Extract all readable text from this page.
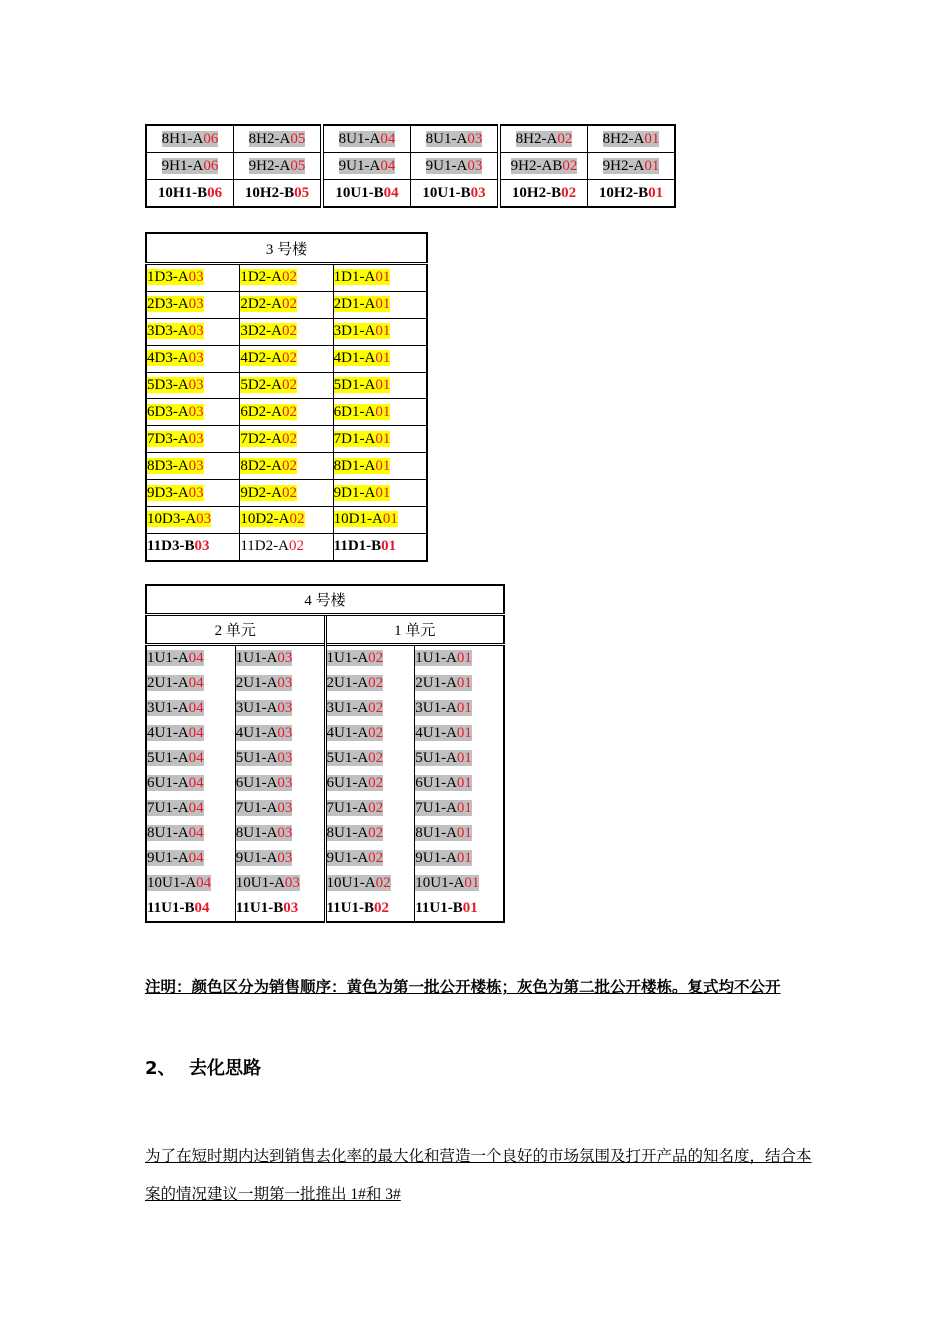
8H1-A06	8H2-A05	8U1-A04	8U1-A03	8H2-A02	8H2-A01
9H1-A06	9H2-A05	9U1-A04	9U1-A03	9H2-AB02	9H2-A01
10H1-B06	10H2-B05	10U1-B04	10U1-B03	10H2-B02	10H2-B01
3 号楼		
1D3-A03	1D2-A02	1D1-A01
2D3-A03	2D2-A02	2D1-A01
3D3-A03	3D2-A02	3D1-A01
4D3-A03	4D2-A02	4D1-A01
5D3-A03	5D2-A02	5D1-A01
6D3-A03	6D2-A02	6D1-A01
7D3-A03	7D2-A02	7D1-A01
8D3-A03	8D2-A02	8D1-A01
9D3-A03	9D2-A02	9D1-A01
10D3-A03	10D2-A02	10D1-A01
11D3-B03	11D2-A02	11D1-B01
4 号楼			
2 单元		1 单元	
1U1-A04	1U1-A03	1U1-A02	1U1-A01
2U1-A04	2U1-A03	2U1-A02	2U1-A01
3U1-A04	3U1-A03	3U1-A02	3U1-A01
4U1-A04	4U1-A03	4U1-A02	4U1-A01
5U1-A04	5U1-A03	5U1-A02	5U1-A01
6U1-A04	6U1-A03	6U1-A02	6U1-A01
7U1-A04	7U1-A03	7U1-A02	7U1-A01
8U1-A04	8U1-A03	8U1-A02	8U1-A01
9U1-A04	9U1-A03	9U1-A02	9U1-A01
10U1-A04	10U1-A03	10U1-A02	10U1-A01
11U1-B04	11U1-B03	11U1-B02	11U1-B01
注明：颜色区分为销售顺序：黄色为第一批公开楼栋；灰色为第二批公开楼栋。复式均不公开
2、 去化思路
为了在短时期内达到销售去化率的最大化和营造一个良好的市场氛围及打开产品的知名度，结合本案的情况建议一期第一批推出 1#和 3#
